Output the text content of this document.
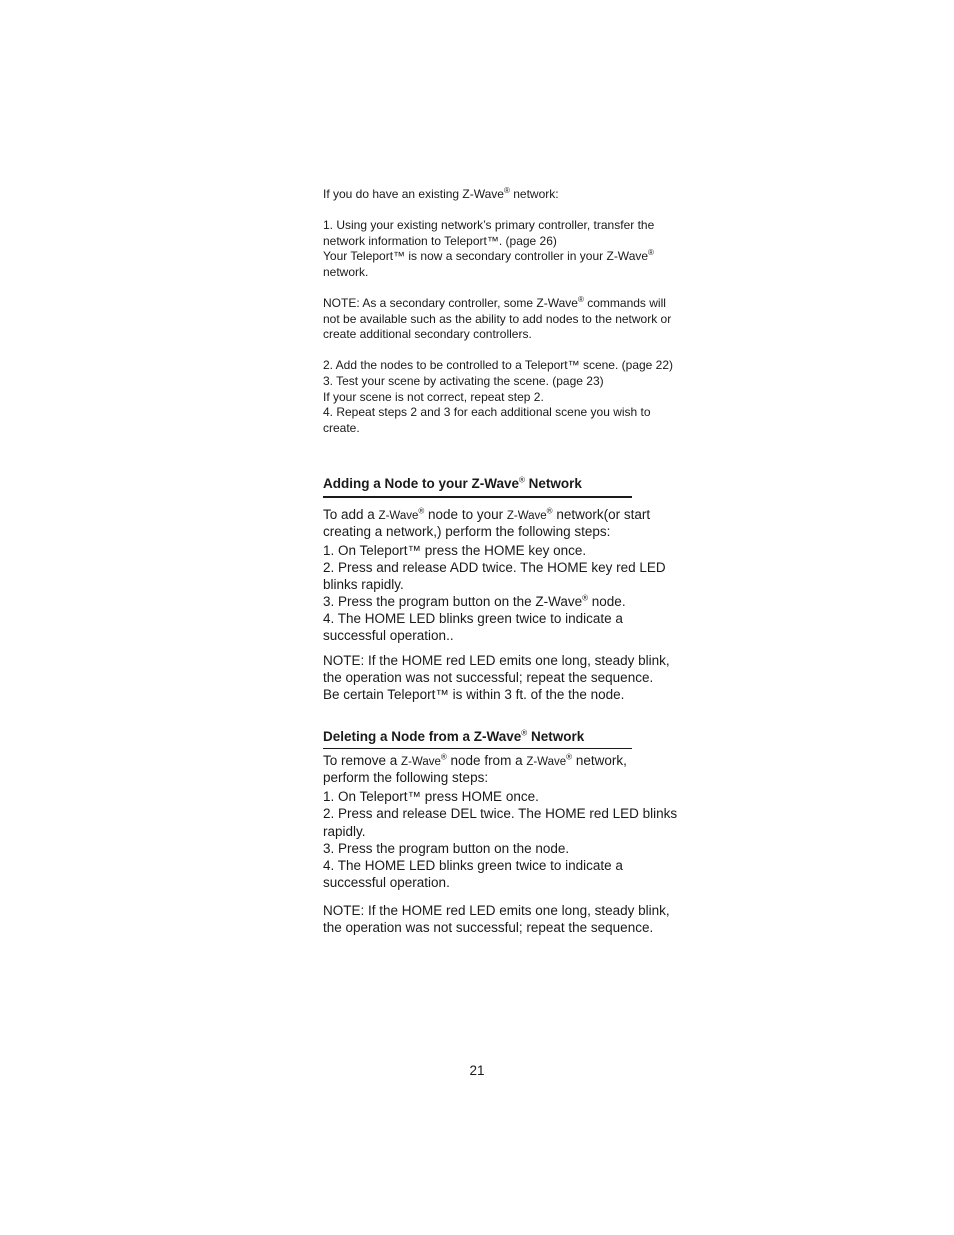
If you do have an existing Z-Wave® network:
1. Using your existing network’s primary controller, transfer the
network information to Teleport™. (page 26)
Your Teleport™ is now a secondary controller in your Z-Wave®
network.
NOTE: As a secondary controller, some Z-Wave® commands will
not be available such as the ability to add nodes to the network or
create additional secondary controllers.
2. Add the nodes to be controlled to a Teleport™ scene. (page 22)
3. Test your scene by activating the scene. (page 23)
If your scene is not correct, repeat step 2.
4. Repeat steps 2 and 3 for each additional scene you wish to
create.
Adding a Node to your Z-Wave® Network
To add a Z-Wave® node to your Z-Wave® network(or start
creating a network,) perform the following steps:
1. On Teleport™ press the HOME key once.
2. Press and release ADD twice. The HOME key red LED
blinks rapidly.
3. Press the program button on the Z-Wave® node.
4. The HOME LED blinks green twice to indicate a
successful operation..
NOTE: If the HOME red LED emits one long, steady blink,
the operation was not successful; repeat the sequence.
Be certain Teleport™ is within 3 ft. of the the node.
Deleting a Node from a Z-Wave® Network
To remove a Z-Wave® node from a Z-Wave® network,
perform the following steps:
1. On Teleport™ press HOME once.
2. Press and release DEL twice. The HOME red LED blinks
rapidly.
3. Press the program button on the node.
4. The HOME LED blinks green twice to indicate a
successful operation.
NOTE: If the HOME red LED emits one long, steady blink,
the operation was not successful; repeat the sequence.
21
